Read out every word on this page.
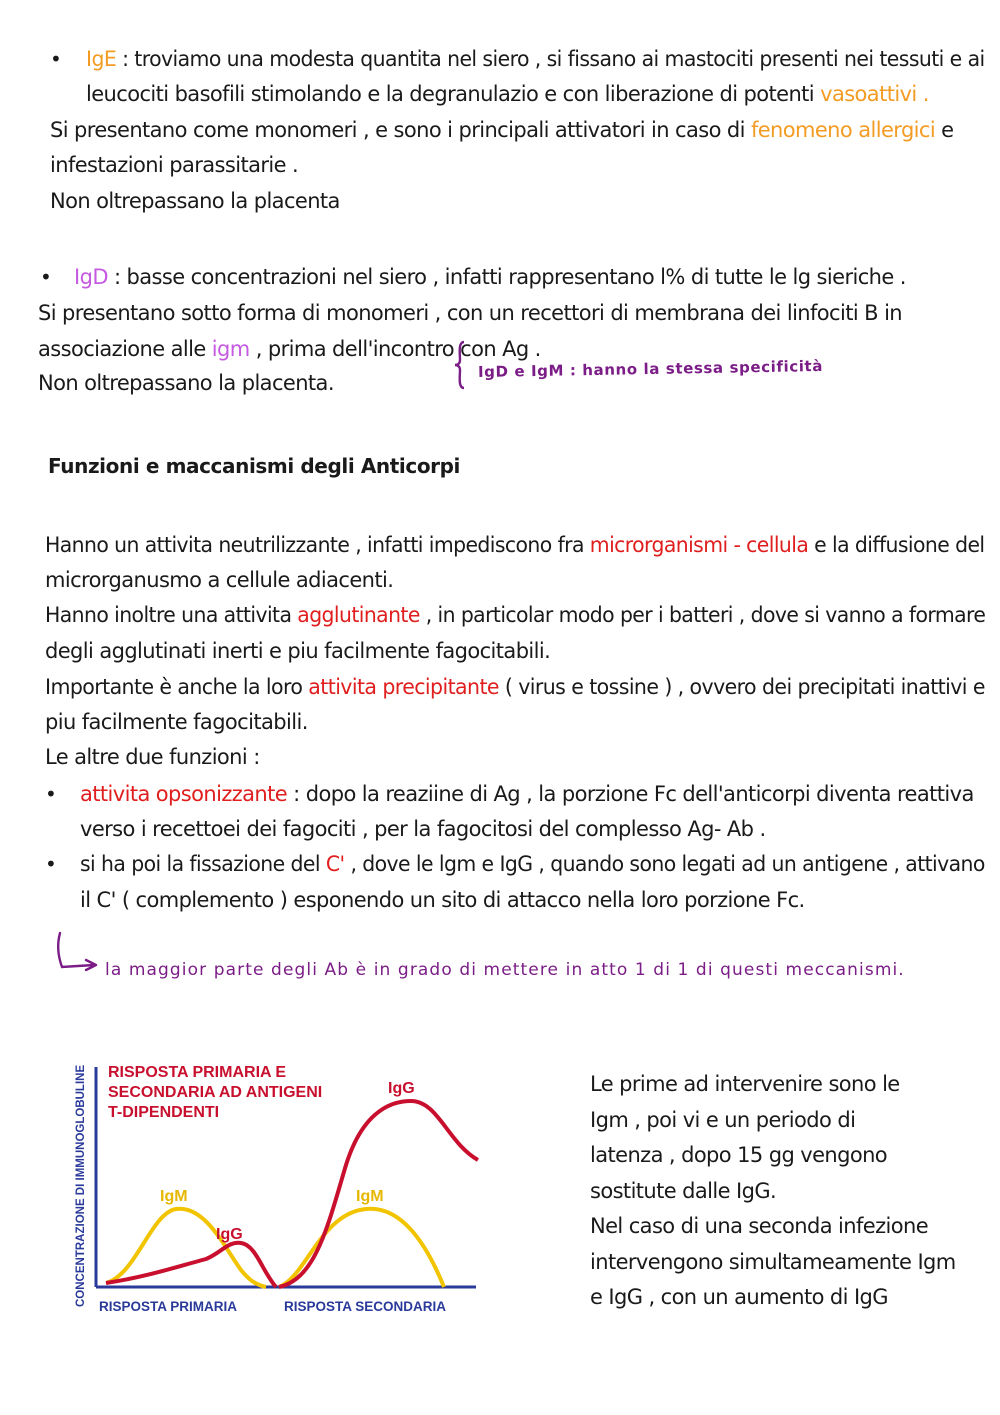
• IgE : troviamo una modesta quantita nel siero , si fissano ai mastociti presenti nei tessuti e ai
leucociti basofili stimolando e la degranulazio e con liberazione di potenti vasoattivi .
Si presentano come monomeri , e sono i principali attivatori in caso di fenomeno allergici e
infestazioni parassitarie .
Non oltrepassano la placenta
• IgD : basse concentrazioni nel siero , infatti rappresentano l% di tutte le lg sieriche .
Si presentano sotto forma di monomeri , con un recettori di membrana dei linfociti B in
associazione alle igm , prima dell'incontro con Ag .
Non oltrepassano la placenta.
IgD e IgM : hanno la stessa specificità
Funzioni e maccanismi degli Anticorpi
Hanno un attivita neutrilizzante , infatti impediscono fra microrganismi - cellula e la diffusione del
microrganusmo a cellule adiacenti.
Hanno inoltre una attivita agglutinante , in particolar modo per i batteri , dove si vanno a formare
degli agglutinati inerti e piu facilmente fagocitabili.
Importante è anche la loro attivita precipitante ( virus e tossine ) , ovvero dei precipitati inattivi e
piu facilmente fagocitabili.
Le altre due funzioni :
• attivita opsonizzante : dopo la reaziine di Ag , la porzione Fc dell'anticorpi diventa reattiva
verso i recettoei dei fagociti , per la fagocitosi del complesso Ag- Ab .
• si ha poi la fissazione del C' , dove le lgm e IgG , quando sono legati ad un antigene , attivano
il C' ( complemento ) esponendo un sito di attacco nella loro porzione Fc.
la maggior parte degli Ab è in grado di mettere in atto 1 di 1 di questi meccanismi.
RISPOSTA PRIMARIA E
SECONDARIA AD ANTIGENI
T-DIPENDENTI
CONCENTRAZIONE DI IMMUNOGLOBULINE	IgG
IgM	IgM
IgG
RISPOSTA PRIMARIA	RISPOSTA SECONDARIA
Le prime ad intervenire sono le
Igm , poi vi e un periodo di
latenza , dopo 15 gg vengono
sostitute dalle IgG.
Nel caso di una seconda infezione
intervengono simultameamente Igm
e IgG , con un aumento di IgG
